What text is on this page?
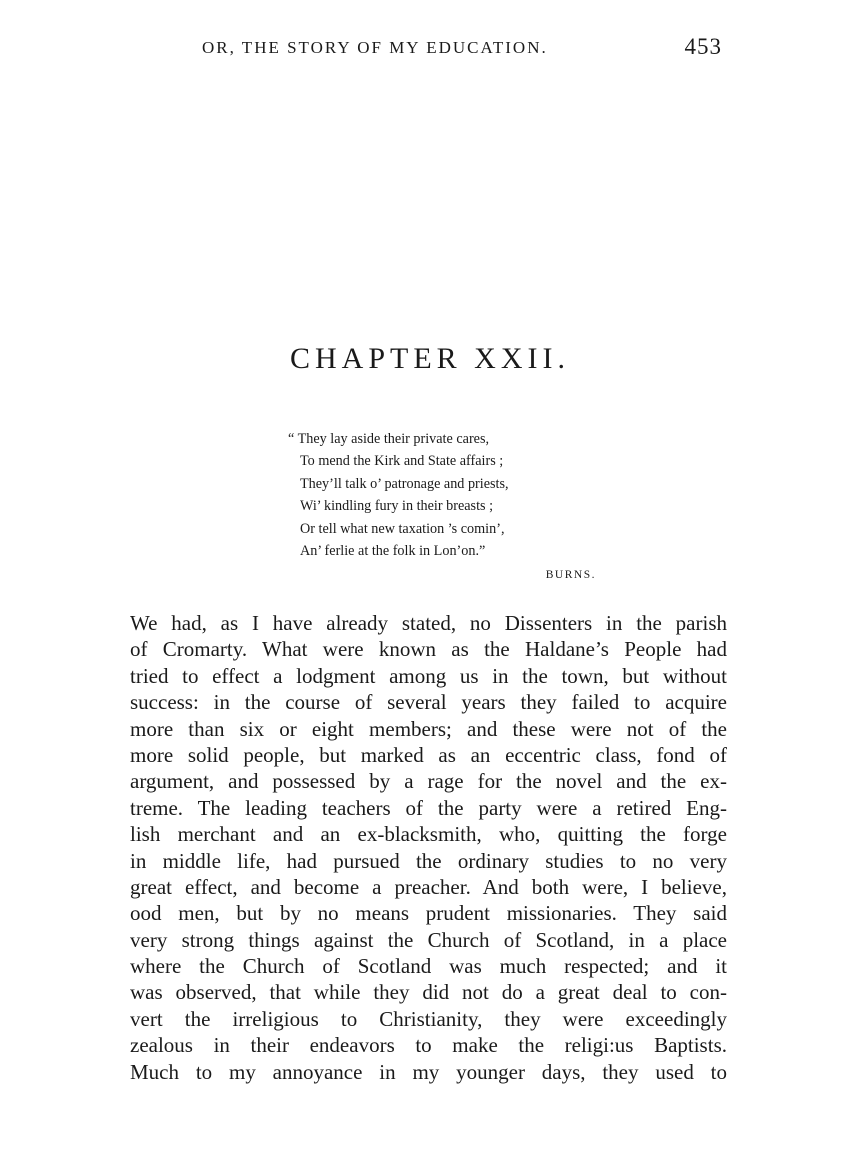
OR, THE STORY OF MY EDUCATION.	453
CHAPTER XXII.
“ They lay aside their private cares,
To mend the Kirk and State affairs ;
They’ll talk o’ patronage and priests,
Wi’ kindling fury in their breasts ;
Or tell what new taxation ’s comin’,
An’ ferlie at the folk in Lon’on.”
BURNS.
We had, as I have already stated, no Dissenters in the parish
of Cromarty. What were known as the Haldane’s People had
tried to effect a lodgment among us in the town, but without
success: in the course of several years they failed to acquire
more than six or eight members; and these were not of the
more solid people, but marked as an eccentric class, fond of
argument, and possessed by a rage for the novel and the ex-
treme. The leading teachers of the party were a retired Eng-
lish merchant and an ex-blacksmith, who, quitting the forge
in middle life, had pursued the ordinary studies to no very
great effect, and become a preacher. And both were, I believe,
ood men, but by no means prudent missionaries. They said
very strong things against the Church of Scotland, in a place
where the Church of Scotland was much respected; and it
was observed, that while they did not do a great deal to con-
vert the irreligious to Christianity, they were exceedingly
zealous in their endeavors to make the religi:us Baptists.
Much to my annoyance in my younger days, they used to
